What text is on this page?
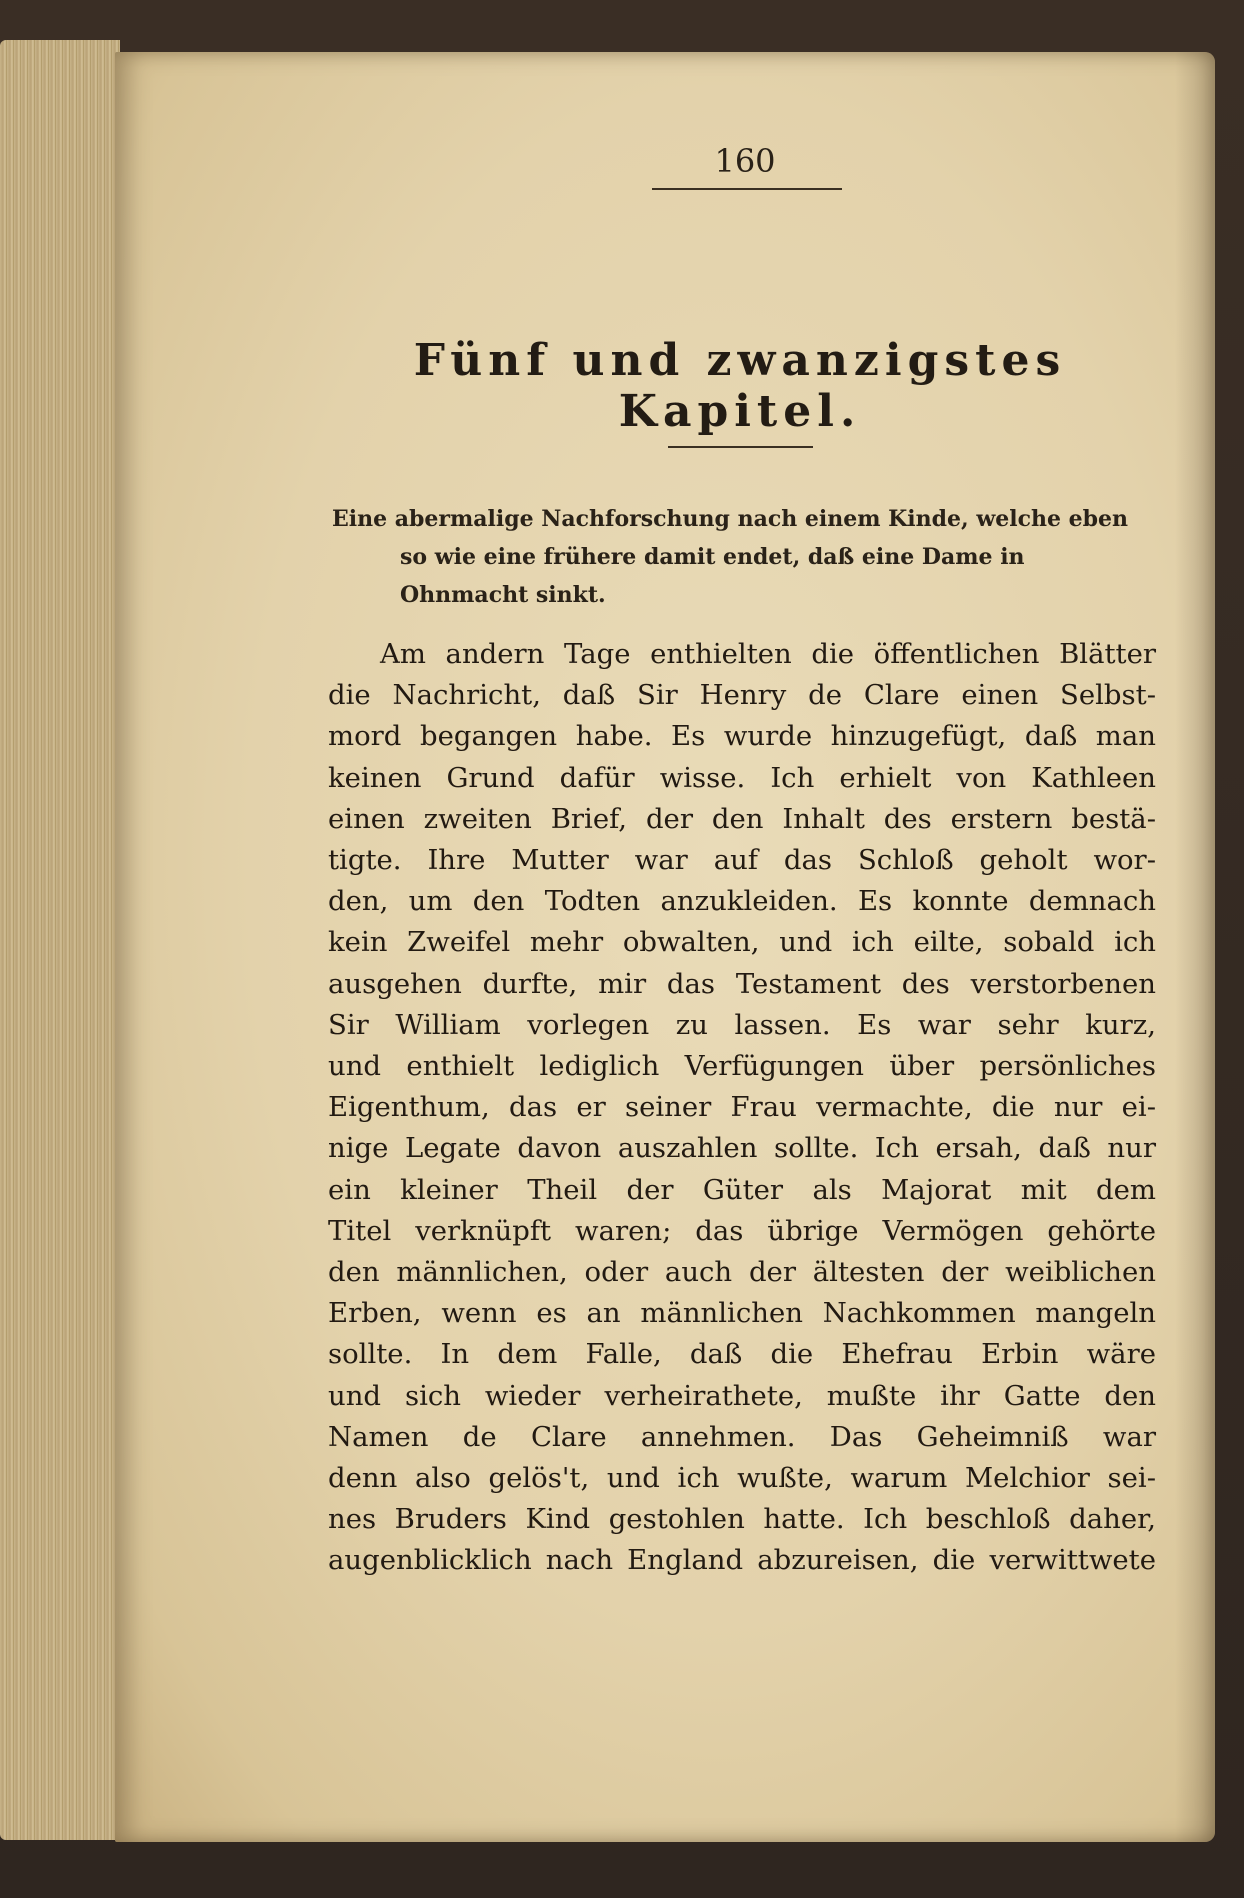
160
Fünf und zwanzigstes Kapitel.
Eine abermalige Nachforschung nach einem Kinde, welche eben
so wie eine frühere damit endet, daß eine Dame in
Ohnmacht sinkt.
Am andern Tage enthielten die öffentlichen Blätter
die Nachricht, daß Sir Henry de Clare einen Selbst-
mord begangen habe. Es wurde hinzugefügt, daß man
keinen Grund dafür wisse. Ich erhielt von Kathleen
einen zweiten Brief, der den Inhalt des erstern bestä-
tigte. Ihre Mutter war auf das Schloß geholt wor-
den, um den Todten anzukleiden. Es konnte demnach
kein Zweifel mehr obwalten, und ich eilte, sobald ich
ausgehen durfte, mir das Testament des verstorbenen
Sir William vorlegen zu lassen. Es war sehr kurz,
und enthielt lediglich Verfügungen über persönliches
Eigenthum, das er seiner Frau vermachte, die nur ei-
nige Legate davon auszahlen sollte. Ich ersah, daß nur
ein kleiner Theil der Güter als Majorat mit dem
Titel verknüpft waren; das übrige Vermögen gehörte
den männlichen, oder auch der ältesten der weiblichen
Erben, wenn es an männlichen Nachkommen mangeln
sollte. In dem Falle, daß die Ehefrau Erbin wäre
und sich wieder verheirathete, mußte ihr Gatte den
Namen de Clare annehmen. Das Geheimniß war
denn also gelös't, und ich wußte, warum Melchior sei-
nes Bruders Kind gestohlen hatte. Ich beschloß daher,
augenblicklich nach England abzureisen, die verwittwete
